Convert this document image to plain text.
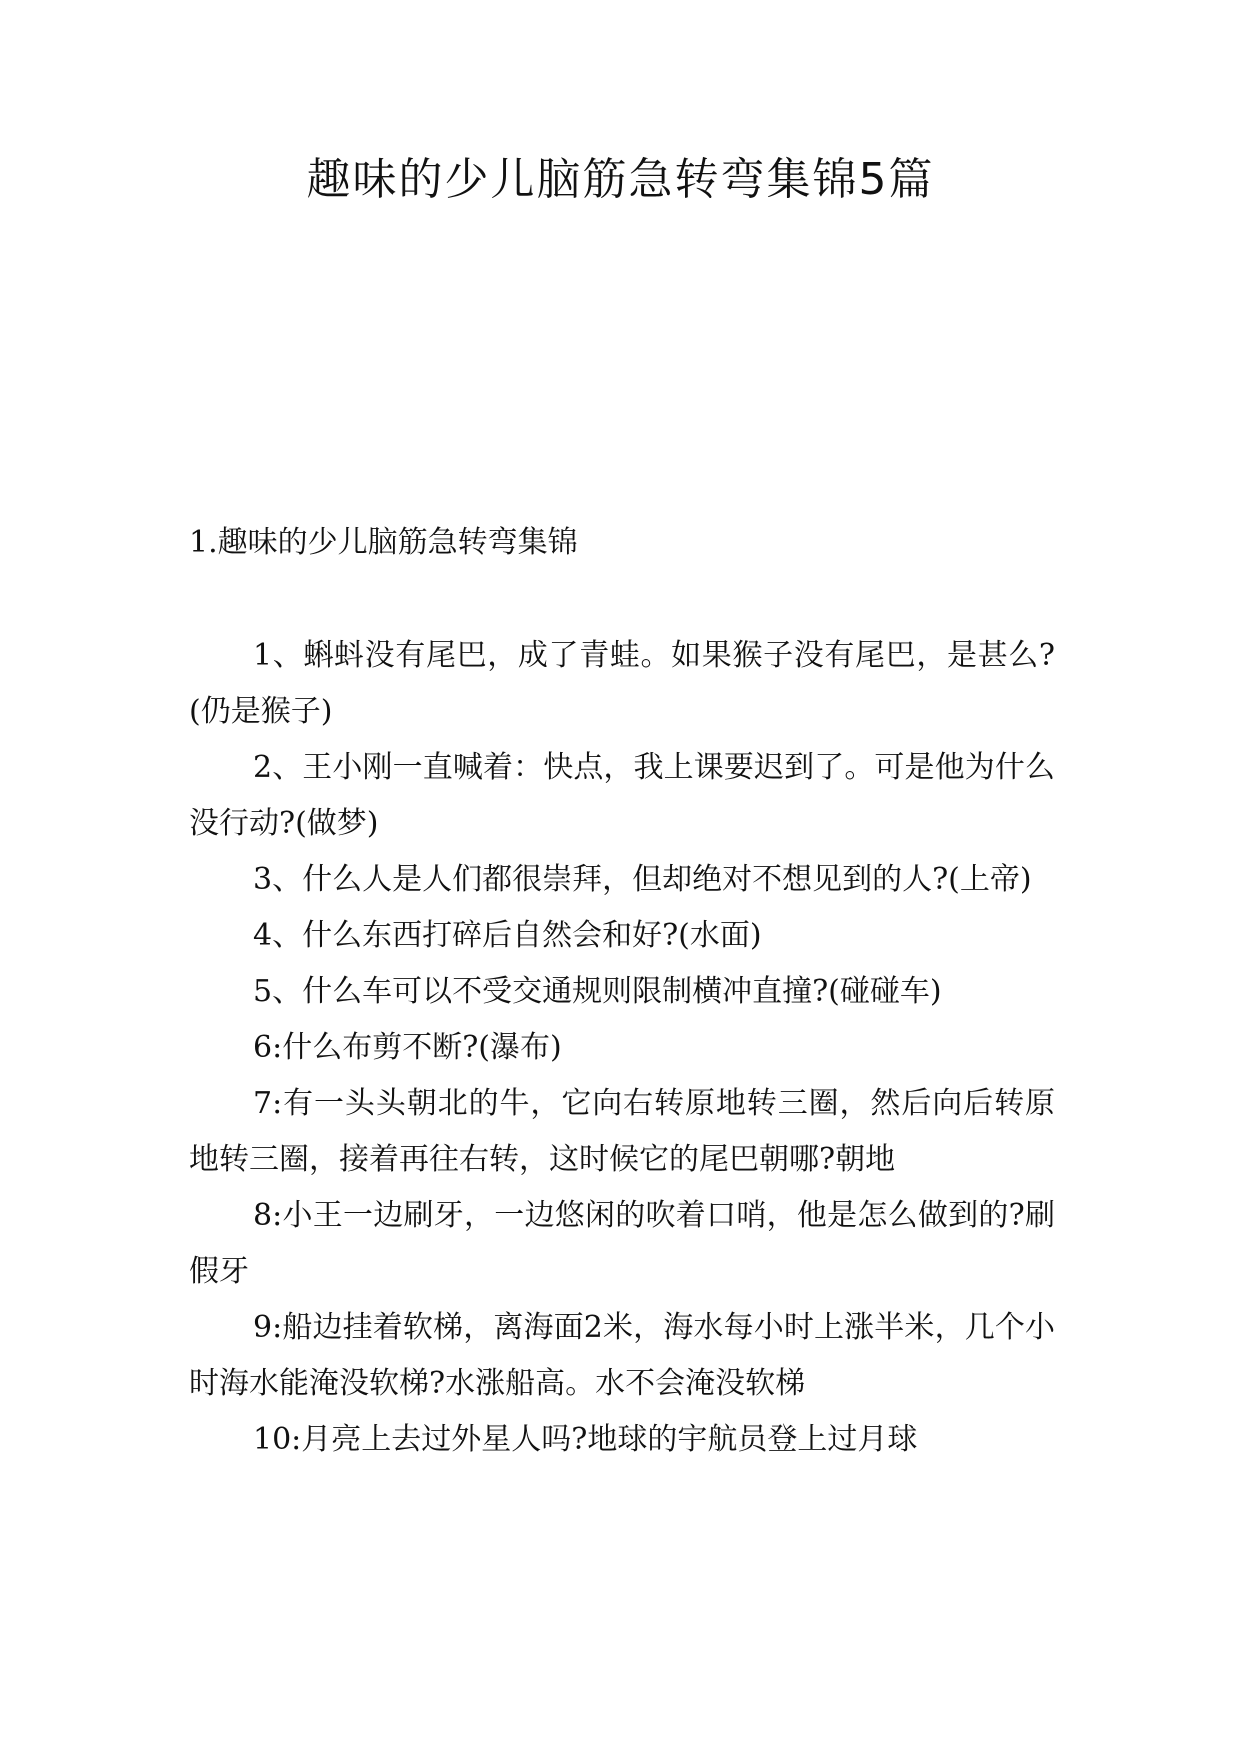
趣味的少儿脑筋急转弯集锦5篇
1.趣味的少儿脑筋急转弯集锦
1、蝌蚪没有尾巴，成了青蛙。如果猴子没有尾巴，是甚么?(仍是猴子)
2、王小刚一直喊着：快点，我上课要迟到了。可是他为什么没行动?(做梦)
3、什么人是人们都很崇拜，但却绝对不想见到的人?(上帝)
4、什么东西打碎后自然会和好?(水面)
5、什么车可以不受交通规则限制横冲直撞?(碰碰车)
6:什么布剪不断?(瀑布)
7:有一头头朝北的牛，它向右转原地转三圈，然后向后转原地转三圈，接着再往右转，这时候它的尾巴朝哪?朝地
8:小王一边刷牙，一边悠闲的吹着口哨，他是怎么做到的?刷假牙
9:船边挂着软梯，离海面2米，海水每小时上涨半米，几个小时海水能淹没软梯?水涨船高。水不会淹没软梯
10:月亮上去过外星人吗?地球的宇航员登上过月球
